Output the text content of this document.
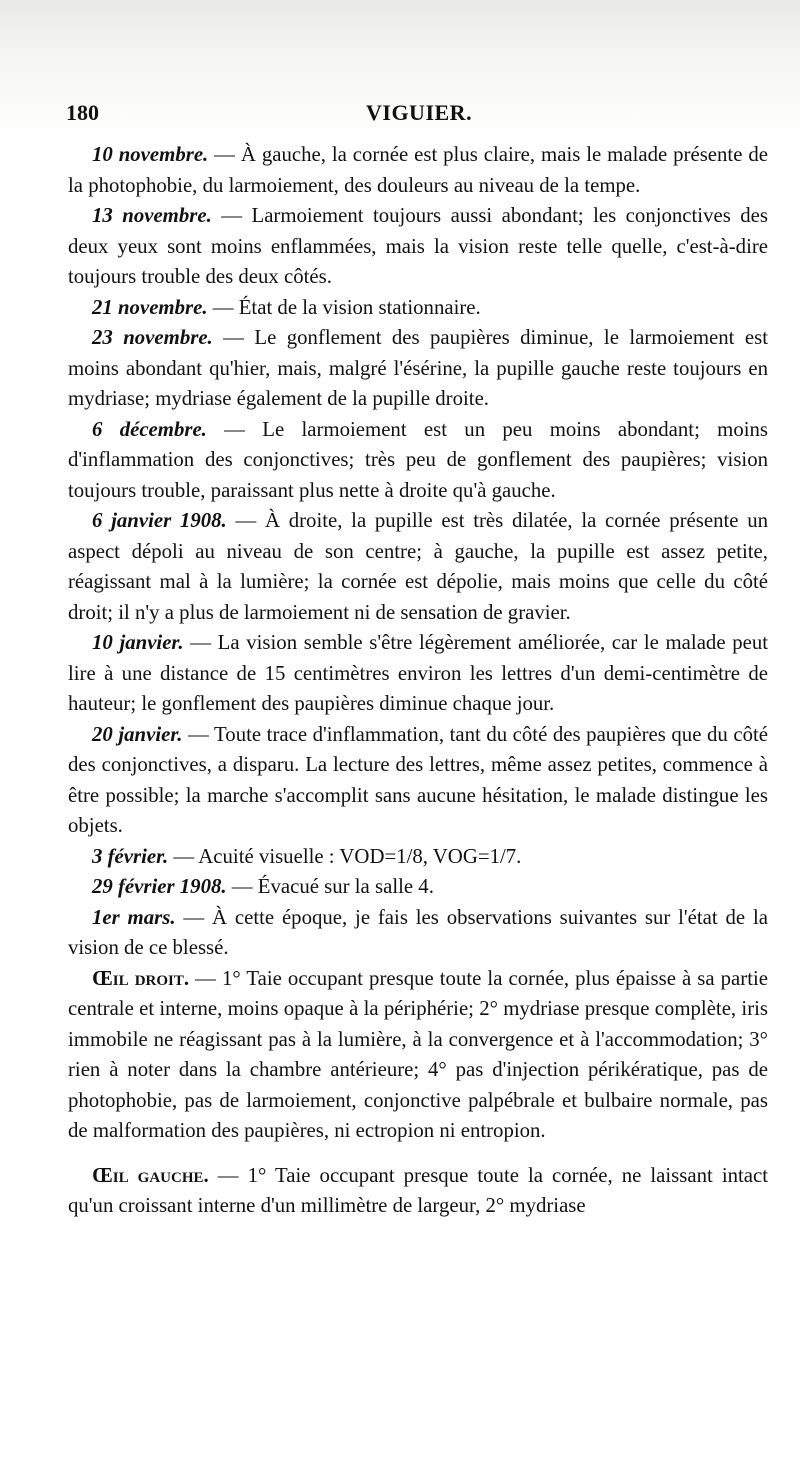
180	VIGUIER.

10 novembre. — À gauche, la cornée est plus claire, mais le malade présente de la photophobie, du larmoiement, des douleurs au niveau de la tempe.

13 novembre. — Larmoiement toujours aussi abondant; les conjonctives des deux yeux sont moins enflammées, mais la vision reste telle quelle, c'est-à-dire toujours trouble des deux côtés.

21 novembre. — État de la vision stationnaire.

23 novembre. — Le gonflement des paupières diminue, le larmoiement est moins abondant qu'hier, mais, malgré l'ésérine, la pupille gauche reste toujours en mydriase; mydriase également de la pupille droite.

6 décembre. — Le larmoiement est un peu moins abondant; moins d'inflammation des conjonctives; très peu de gonflement des paupières; vision toujours trouble, paraissant plus nette à droite qu'à gauche.

6 janvier 1908. — À droite, la pupille est très dilatée, la cornée présente un aspect dépoli au niveau de son centre; à gauche, la pupille est assez petite, réagissant mal à la lumière; la cornée est dépolie, mais moins que celle du côté droit; il n'y a plus de larmoiement ni de sensation de gravier.

10 janvier. — La vision semble s'être légèrement améliorée, car le malade peut lire à une distance de 15 centimètres environ les lettres d'un demi-centimètre de hauteur; le gonflement des paupières diminue chaque jour.

20 janvier. — Toute trace d'inflammation, tant du côté des paupières que du côté des conjonctives, a disparu. La lecture des lettres, même assez petites, commence à être possible; la marche s'accomplit sans aucune hésitation, le malade distingue les objets.

3 février. — Acuité visuelle : VOD=1/8, VOG=1/7.

29 février 1908. — Évacué sur la salle 4.

1er mars. — À cette époque, je fais les observations suivantes sur l'état de la vision de ce blessé.

Œil droit. — 1° Taie occupant presque toute la cornée, plus épaisse à sa partie centrale et interne, moins opaque à la périphérie; 2° mydriase presque complète, iris immobile ne réagissant pas à la lumière, à la convergence et à l'accommodation; 3° rien à noter dans la chambre antérieure; 4° pas d'injection périkératique, pas de photophobie, pas de larmoiement, conjonctive palpébrale et bulbaire normale, pas de malformation des paupières, ni ectropion ni entropion.

Œil gauche. — 1° Taie occupant presque toute la cornée, ne laissant intact qu'un croissant interne d'un millimètre de largeur, 2° mydriase
